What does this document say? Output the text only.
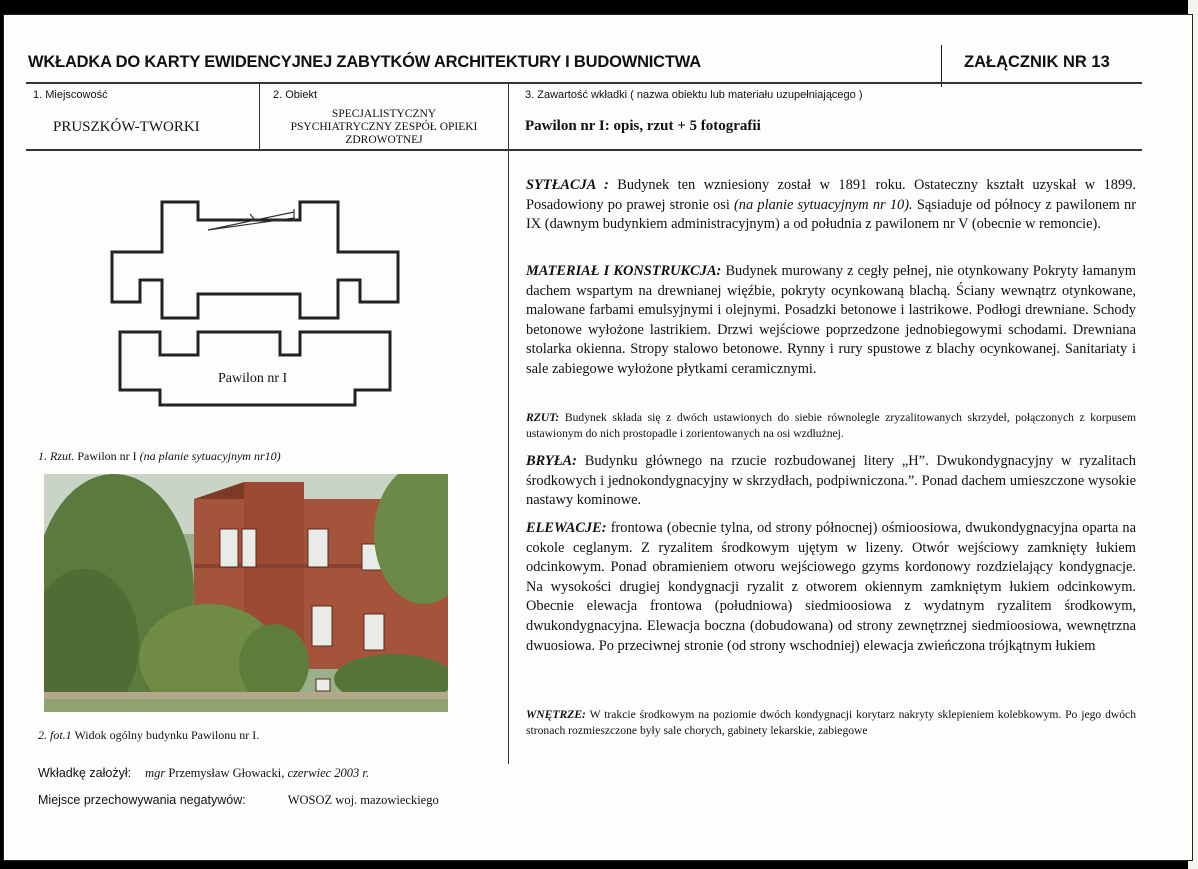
WKŁADKA DO KARTY EWIDENCYJNEJ ZABYTKÓW ARCHITEKTURY I BUDOWNICTWA	ZAŁĄCZNIK NR 13
1. Miejscowość
PRUSZKÓW-TWORKI
2. Obiekt
SPECJALISTYCZNY
PSYCHIATRYCZNY ZESPÓŁ OPIEKI
ZDROWOTNEJ
3. Zawartość wkładki ( nazwa obiektu lub materiału uzupełniającego )
Pawilon nr I: opis, rzut + 5 fotografii
Pawilon nr I
1. Rzut. Pawilon nr I (na planie sytuacyjnym nr10)
2. fot.1 Widok ogólny budynku Pawilonu nr I.
Wkładkę założył: mgr Przemysław Głowacki, czerwiec 2003 r.
Miejsce przechowywania negatywów:	WOSOZ woj. mazowieckiego
SYTŁACJA : Budynek ten wzniesiony został w 1891 roku. Ostateczny kształt uzyskał w 1899. Posadowiony po prawej stronie osi (na planie sytuacyjnym nr 10). Sąsiaduje od północy z pawilonem nr IX (dawnym budynkiem administracyjnym) a od południa z pawilonem nr V (obecnie w remoncie).
MATERIAŁ I KONSTRUKCJA: Budynek murowany z cegły pełnej, nie otynkowany Pokryty łamanym dachem wspartym na drewnianej więźbie, pokryty ocynkowaną blachą. Ściany wewnątrz otynkowane, malowane farbami emulsyjnymi i olejnymi. Posadzki betonowe i lastrikowe. Podłogi drewniane. Schody betonowe wyłożone lastrikiem. Drzwi wejściowe poprzedzone jednobiegowymi schodami. Drewniana stolarka okienna. Stropy stalowo betonowe. Rynny i rury spustowe z blachy ocynkowanej. Sanitariaty i sale zabiegowe wyłożone płytkami ceramicznymi.
RZUT: Budynek składa się z dwóch ustawionych do siebie równolegle zryzalitowanych skrzydeł, połączonych z korpusem ustawionym do nich prostopadle i zorientowanych na osi wzdłużnej.
BRYŁA: Budynku głównego na rzucie rozbudowanej litery „H”. Dwukondygnacyjny w ryzalitach środkowych i jednokondygnacyjny w skrzydłach, podpiwniczona.”. Ponad dachem umieszczone wysokie nastawy kominowe.
ELEWACJE: frontowa (obecnie tylna, od strony północnej) ośmioosiowa, dwukondygnacyjna oparta na cokole ceglanym. Z ryzalitem środkowym ujętym w lizeny. Otwór wejściowy zamknięty łukiem odcinkowym. Ponad obramieniem otworu wejściowego gzyms kordonowy rozdzielający kondygnacje. Na wysokości drugiej kondygnacji ryzalit z otworem okiennym zamkniętym łukiem odcinkowym. Obecnie elewacja frontowa (południowa) siedmioosiowa z wydatnym ryzalitem środkowym, dwukondygnacyjna. Elewacja boczna (dobudowana) od strony zewnętrznej siedmioosiowa, wewnętrzna dwuosiowa. Po przeciwnej stronie (od strony wschodniej) elewacja zwieńczona trójkątnym łukiem
WNĘTRZE: W trakcie środkowym na poziomie dwóch kondygnacji korytarz nakryty sklepieniem kolebkowym. Po jego dwóch stronach rozmieszczone były sale chorych, gabinety lekarskie, zabiegowe
